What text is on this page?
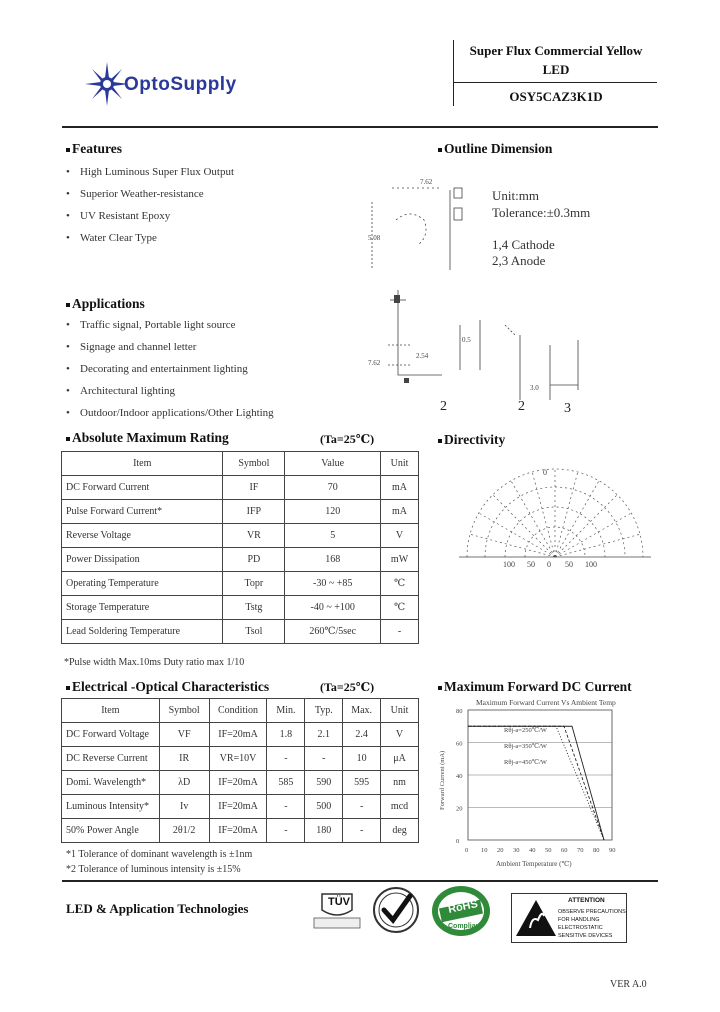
OptoSupply
Super Flux Commercial Yellow
LED
OSY5CAZ3K1D
Features
• High Luminous Super Flux Output
• Superior Weather-resistance
• UV Resistant Epoxy
• Water Clear Type
Applications
• Traffic signal, Portable light source
• Signage and channel letter
• Decorating and entertainment lighting
• Architectural lighting
• Outdoor/Indoor applications/Other Lighting
Outline Dimension
7.62
5.08
7.62
2.54
0.5
3.0
2	2	3
Unit:mm
Tolerance:±0.3mm
1,4 Cathode
2,3 Anode
Absolute Maximum Rating	(Ta=25℃)
Item	Symbol	Value	Unit
DC Forward Current	IF	70	mA
Pulse Forward Current*	IFP	120	mA
Reverse Voltage	VR	5	V
Power Dissipation	PD	168	mW
Operating Temperature	Topr	-30 ~ +85	℃
Storage Temperature	Tstg	-40 ~ +100	℃
Lead Soldering Temperature	Tsol	260℃/5sec	-
*Pulse width Max.10ms Duty ratio max 1/10
Directivity
0
100 50 0 50 100
Electrical -Optical Characteristics	(Ta=25℃)
Item	Symbol	Condition	Min.	Typ.	Max.	Unit
DC Forward Voltage	VF	IF=20mA	1.8	2.1	2.4	V
DC Reverse Current	IR	VR=10V	-	-	10	μA
Domi. Wavelength*	λD	IF=20mA	585	590	595	nm
Luminous Intensity*	Iv	IF=20mA	-	500	-	mcd
50% Power Angle	2θ1/2	IF=20mA	-	180	-	deg
*1 Tolerance of dominant wavelength is ±1nm
*2 Tolerance of luminous intensity is ±15%
Maximum Forward DC Current
Maximum Forward Current Vs Ambient Temp
0
20
40
60
80
0 10 20 30 40 50 60 70 80 90
Rθj-a=250℃/W
Rθj-a=350℃/W
Rθj-a=450℃/W
Forward Current (mA)
Ambient Temperature (℃)
LED & Application Technologies	TÜV	RoHS
Compliant
ATTENTION
OBSERVE PRECAUTIONS
FOR HANDLING
ELECTROSTATIC
SENSITIVE DEVICES
VER A.0
